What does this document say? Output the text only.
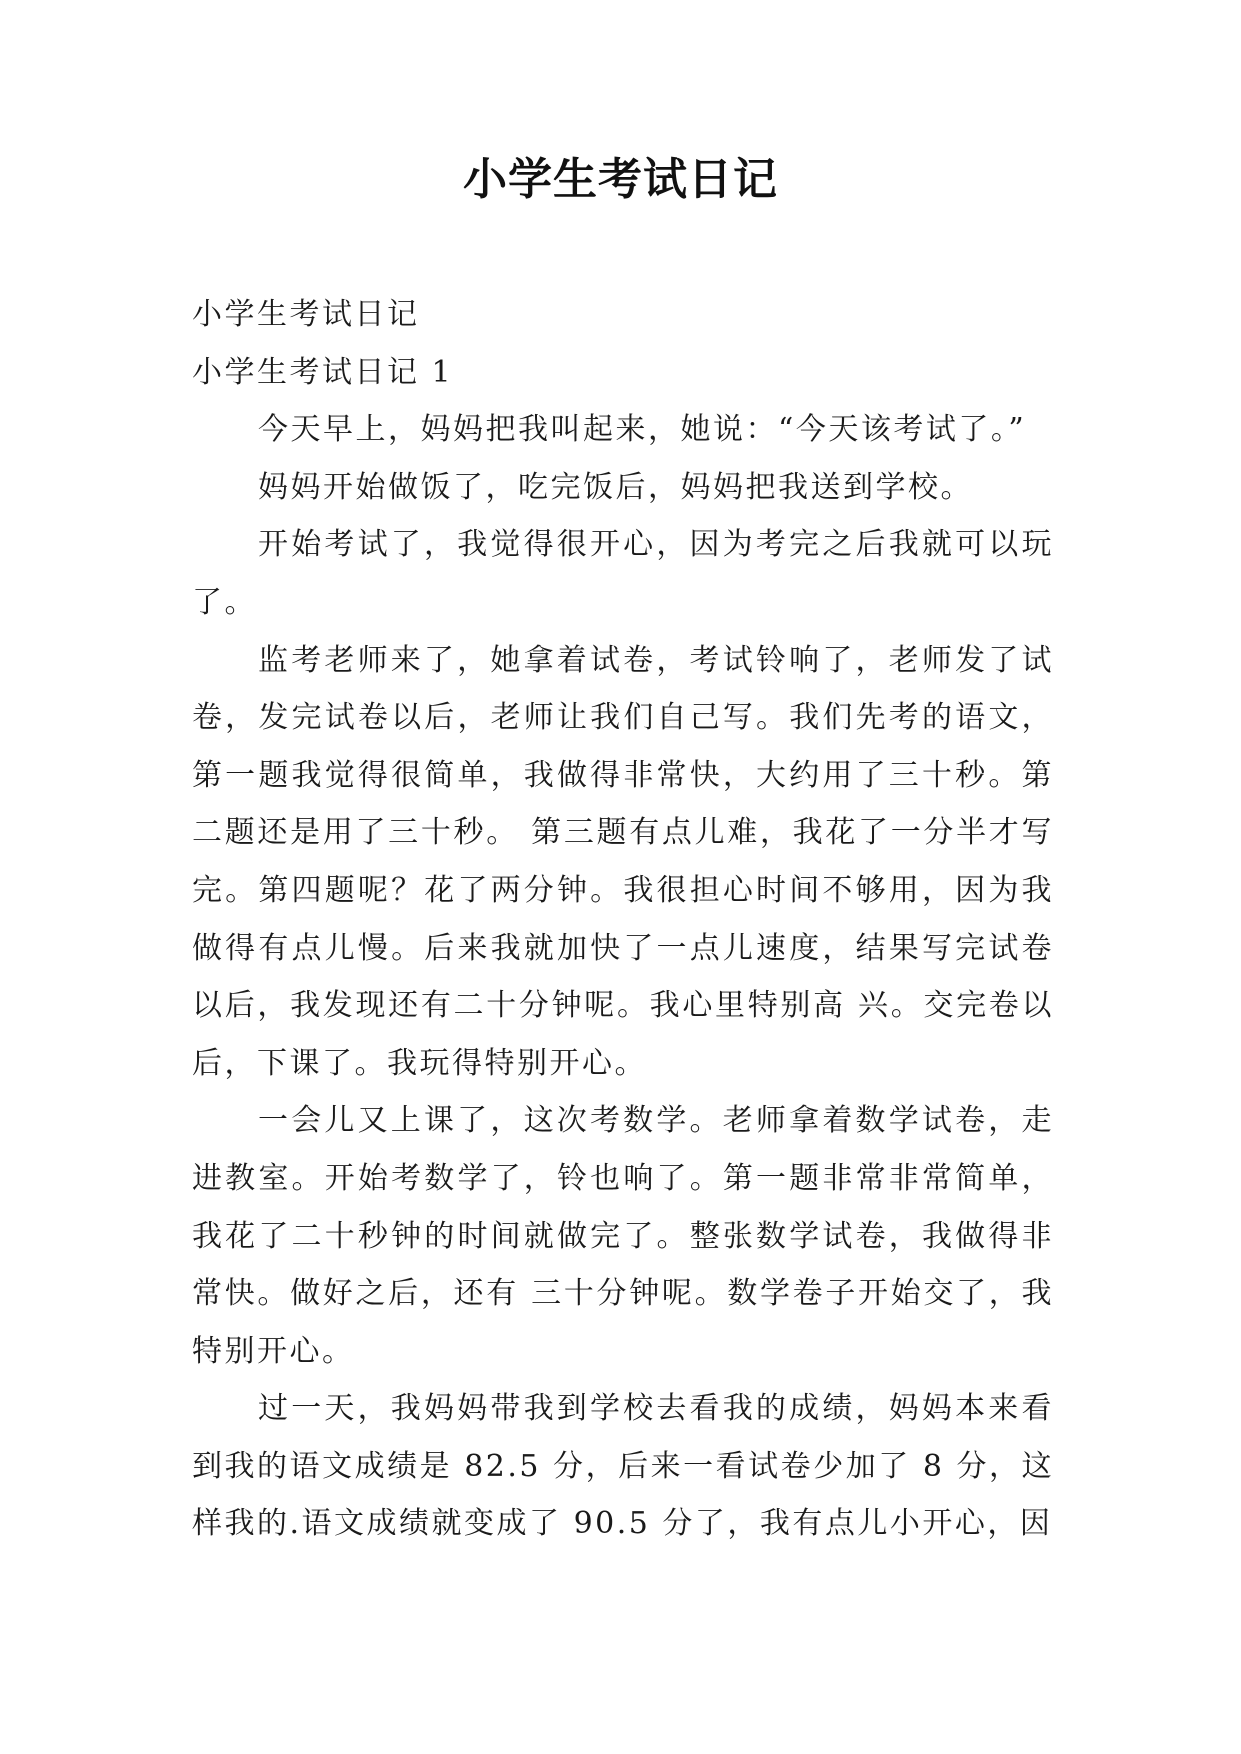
小学生考试日记

小学生考试日记

小学生考试日记 1

今天早上，妈妈把我叫起来，她说：“今天该考试了。”

妈妈开始做饭了，吃完饭后，妈妈把我送到学校。

开始考试了，我觉得很开心，因为考完之后我就可以玩了。

监考老师来了，她拿着试卷，考试铃响了，老师发了试卷，发完试卷以后，老师让我们自己写。我们先考的语文，第一题我觉得很简单，我做得非常快，大约用了三十秒。第二题还是用了三十秒。 第三题有点儿难，我花了一分半才写完。第四题呢？花了两分钟。我很担心时间不够用，因为我做得有点儿慢。后来我就加快了一点儿速度，结果写完试卷以后，我发现还有二十分钟呢。我心里特别高 兴。交完卷以后，下课了。我玩得特别开心。

一会儿又上课了，这次考数学。老师拿着数学试卷，走进教室。开始考数学了，铃也响了。第一题非常非常简单，我花了二十秒钟的时间就做完了。整张数学试卷，我做得非常快。做好之后，还有 三十分钟呢。数学卷子开始交了，我特别开心。

过一天，我妈妈带我到学校去看我的成绩，妈妈本来看到我的语文成绩是 82.5 分，后来一看试卷少加了 8 分，这样我的.语文成绩就变成了 90.5 分了，我有点儿小开心，因
